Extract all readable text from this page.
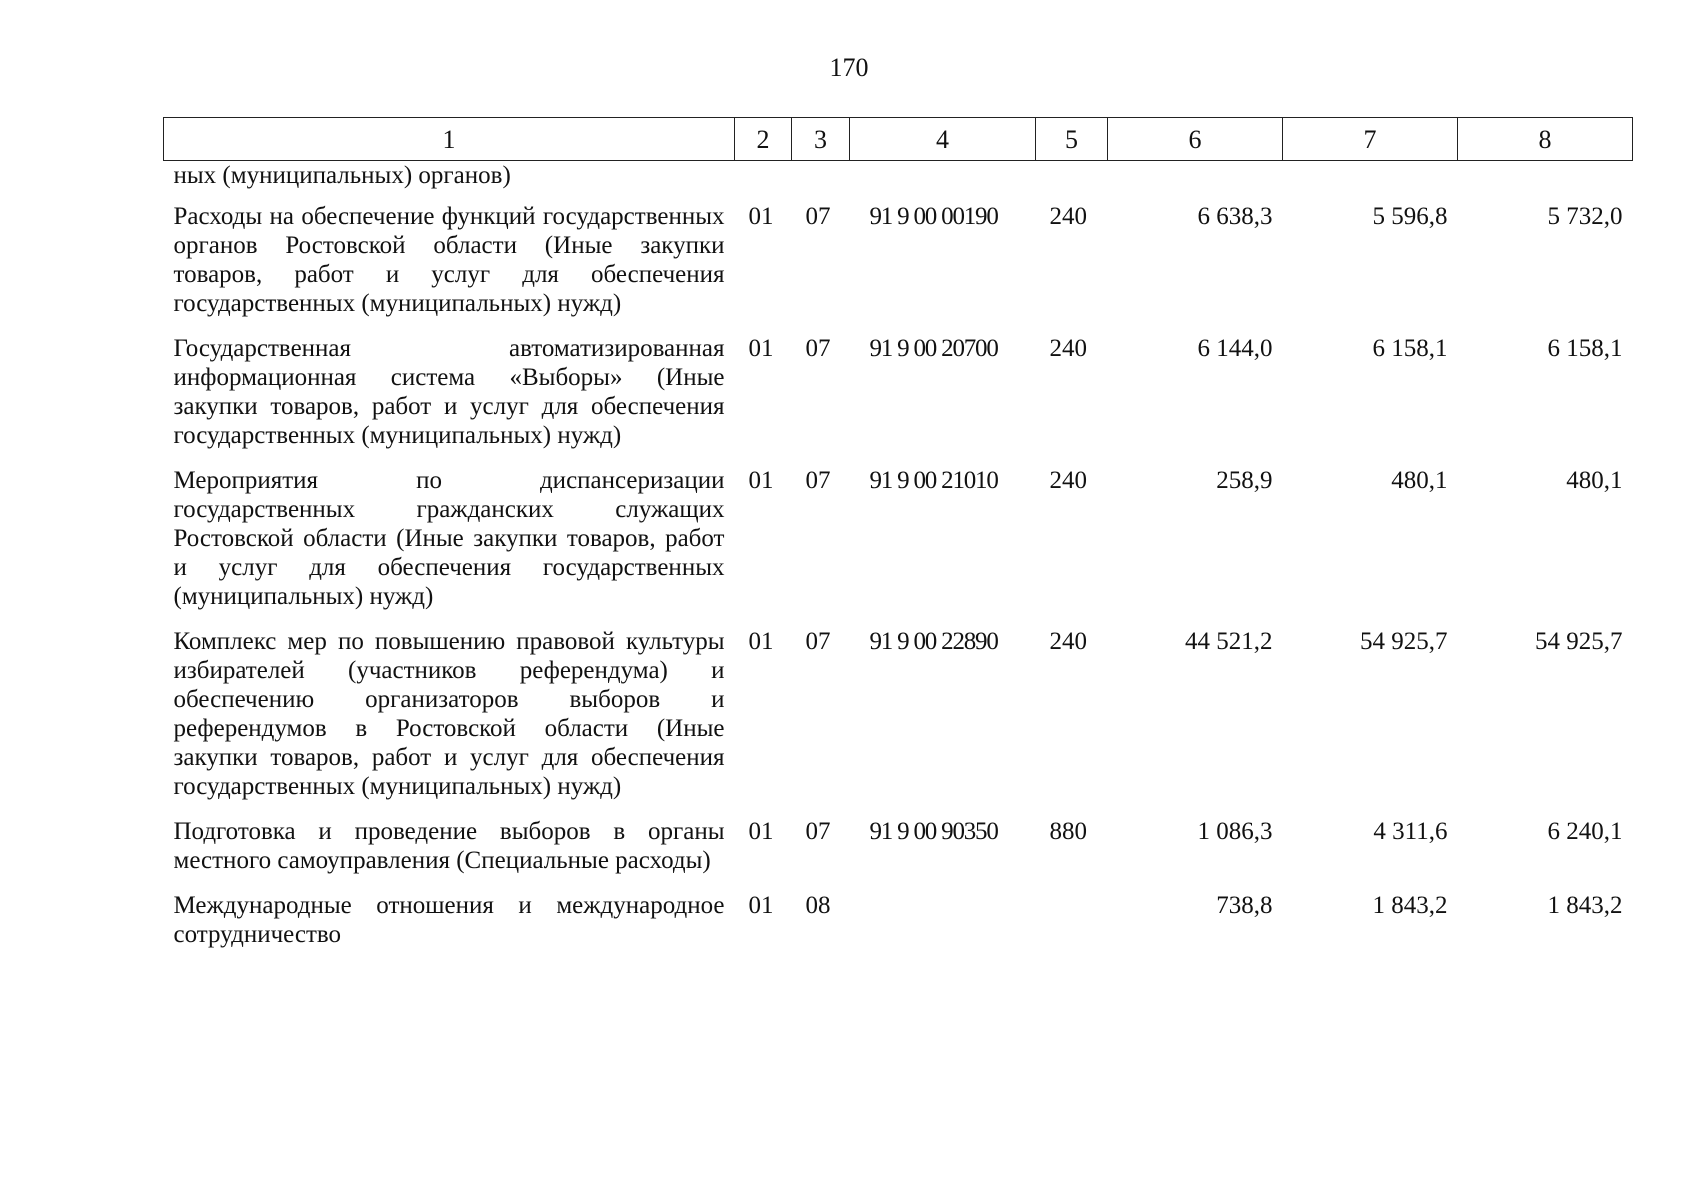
170
1	2	3	4	5	6	7	8
ных (муниципальных) органов)							
Расходы на обеспечение функций государственных органов Ростовской области (Иные закупки товаров, работ и услуг для обеспечения государственных (муниципальных) нужд)	01	07	91 9 00 00190	240	6 638,3	5 596,8	5 732,0
Государственная автоматизированная информационная система «Выборы» (Иные закупки товаров, работ и услуг для обеспечения государственных (муниципальных) нужд)	01	07	91 9 00 20700	240	6 144,0	6 158,1	6 158,1
Мероприятия по диспансеризации государственных гражданских служащих Ростовской области (Иные закупки товаров, работ и услуг для обеспечения государственных (муниципальных) нужд)	01	07	91 9 00 21010	240	258,9	480,1	480,1
Комплекс мер по повышению правовой культуры избирателей (участников референдума) и обеспечению организаторов выборов и референдумов в Ростовской области (Иные закупки товаров, работ и услуг для обеспечения государственных (муниципальных) нужд)	01	07	91 9 00 22890	240	44 521,2	54 925,7	54 925,7
Подготовка и проведение выборов в органы местного самоуправления (Специальные расходы)	01	07	91 9 00 90350	880	1 086,3	4 311,6	6 240,1
Международные отношения и международное сотрудничество	01	08			738,8	1 843,2	1 843,2
